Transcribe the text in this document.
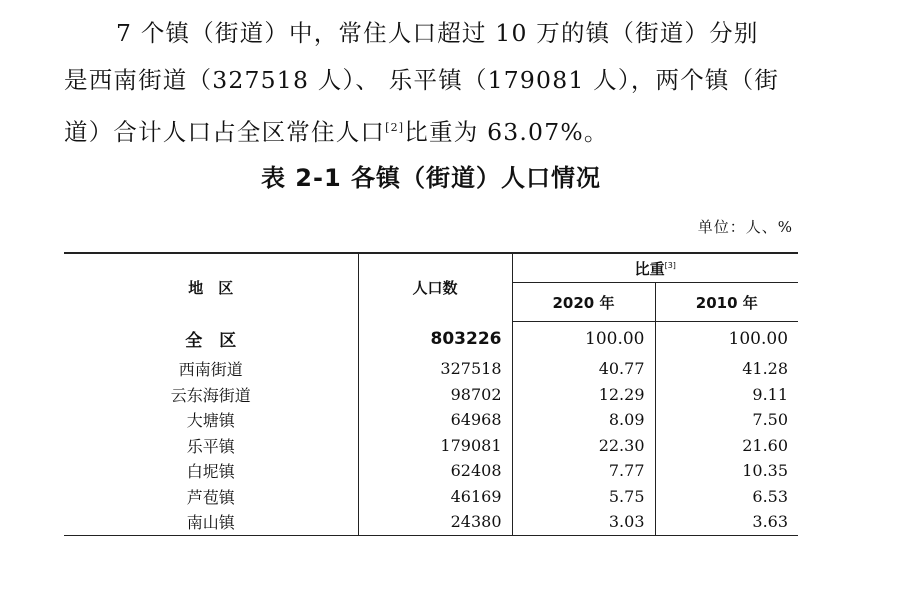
7 个镇（街道）中，常住人口超过 10 万的镇（街道）分别
是西南街道（327518 人）、 乐平镇（179081 人），两个镇（街
道）合计人口占全区常住人口[2]比重为 63.07%。

表 2-1 各镇（街道）人口情况
单位：人、%
地　区	人口数	比重[3]
		2020 年	2010 年
全　区	803226	100.00	100.00
西南街道	327518	40.77	41.28
云东海街道	98702	12.29	9.11
大塘镇	64968	8.09	7.50
乐平镇	179081	22.30	21.60
白坭镇	62408	7.77	10.35
芦苞镇	46169	5.75	6.53
南山镇	24380	3.03	3.63
